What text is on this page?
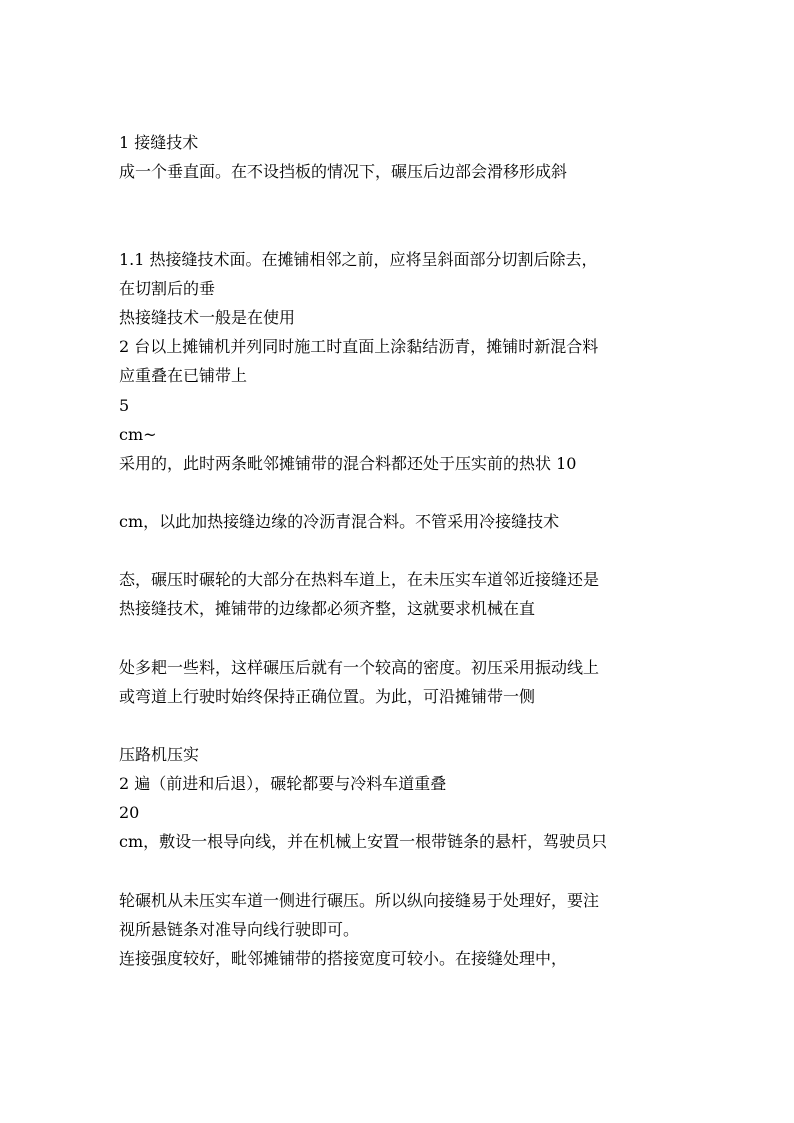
1 接缝技术
成一个垂直面。在不设挡板的情况下，碾压后边部会滑移形成斜
1.1 热接缝技术面。在摊铺相邻之前，应将呈斜面部分切割后除去，
在切割后的垂
热接缝技术一般是在使用
2 台以上摊铺机并列同时施工时直面上涂黏结沥青，摊铺时新混合料
应重叠在已铺带上
5
cm~
采用的，此时两条毗邻摊铺带的混合料都还处于压实前的热状 10
cm，以此加热接缝边缘的冷沥青混合料。不管采用冷接缝技术
态，碾压时碾轮的大部分在热料车道上，在未压实车道邻近接缝还是
热接缝技术，摊铺带的边缘都必须齐整，这就要求机械在直
处多耙一些料，这样碾压后就有一个较高的密度。初压采用振动线上
或弯道上行驶时始终保持正确位置。为此，可沿摊铺带一侧
压路机压实
2 遍（前进和后退），碾轮都要与冷料车道重叠
20
cm，敷设一根导向线，并在机械上安置一根带链条的悬杆，驾驶员只
轮碾机从未压实车道一侧进行碾压。所以纵向接缝易于处理好，要注
视所悬链条对准导向线行驶即可。
连接强度较好，毗邻摊铺带的搭接宽度可较小。在接缝处理中，
